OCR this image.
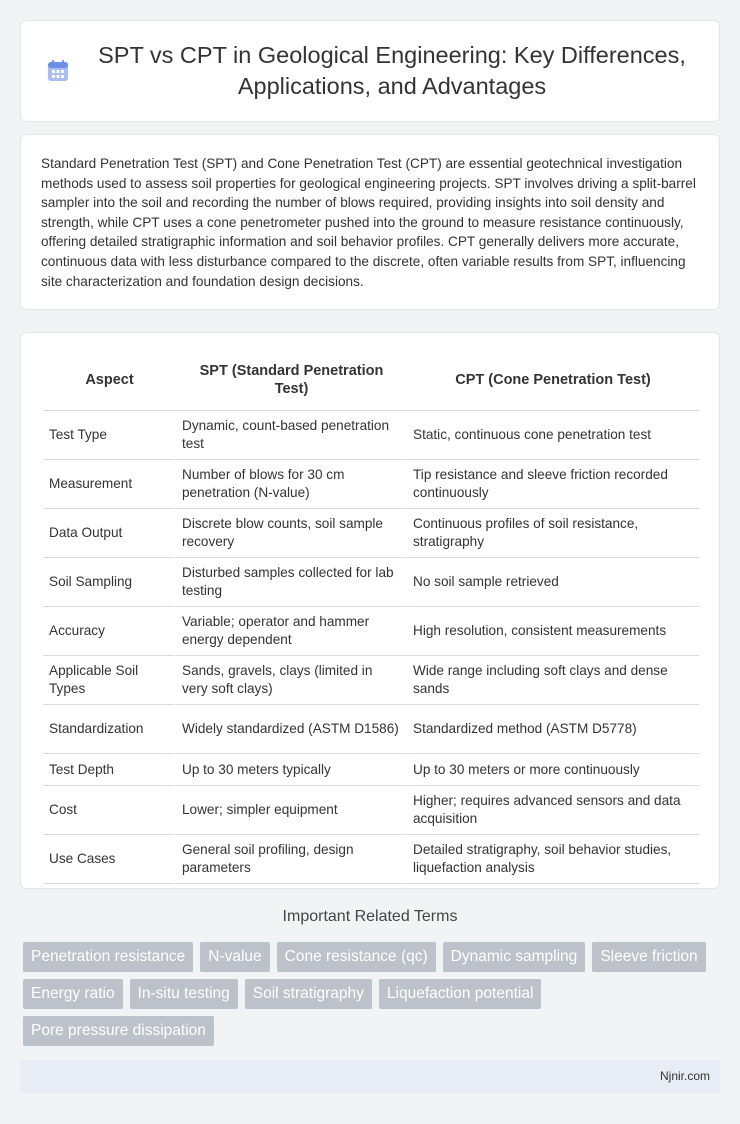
SPT vs CPT in Geological Engineering: Key Differences, Applications, and Advantages

Standard Penetration Test (SPT) and Cone Penetration Test (CPT) are essential geotechnical investigation methods used to assess soil properties for geological engineering projects. SPT involves driving a split-barrel sampler into the soil and recording the number of blows required, providing insights into soil density and strength, while CPT uses a cone penetrometer pushed into the ground to measure resistance continuously, offering detailed stratigraphic information and soil behavior profiles. CPT generally delivers more accurate, continuous data with less disturbance compared to the discrete, often variable results from SPT, influencing site characterization and foundation design decisions.

Aspect	SPT (Standard Penetration Test)	CPT (Cone Penetration Test)
Test Type	Dynamic, count-based penetration test	Static, continuous cone penetration test
Measurement	Number of blows for 30 cm penetration (N-value)	Tip resistance and sleeve friction recorded continuously
Data Output	Discrete blow counts, soil sample recovery	Continuous profiles of soil resistance, stratigraphy
Soil Sampling	Disturbed samples collected for lab testing	No soil sample retrieved
Accuracy	Variable; operator and hammer energy dependent	High resolution, consistent measurements
Applicable Soil Types	Sands, gravels, clays (limited in very soft clays)	Wide range including soft clays and dense sands
Standardization	Widely standardized (ASTM D1586)	Standardized method (ASTM D5778)
Test Depth	Up to 30 meters typically	Up to 30 meters or more continuously
Cost	Lower; simpler equipment	Higher; requires advanced sensors and data acquisition
Use Cases	General soil profiling, design parameters	Detailed stratigraphy, soil behavior studies, liquefaction analysis
Important Related Terms
Penetration resistance	N-value	Cone resistance (qc)	Dynamic sampling	Sleeve friction
Energy ratio	In-situ testing	Soil stratigraphy	Liquefaction potential
Pore pressure dissipation
Njnir.com
